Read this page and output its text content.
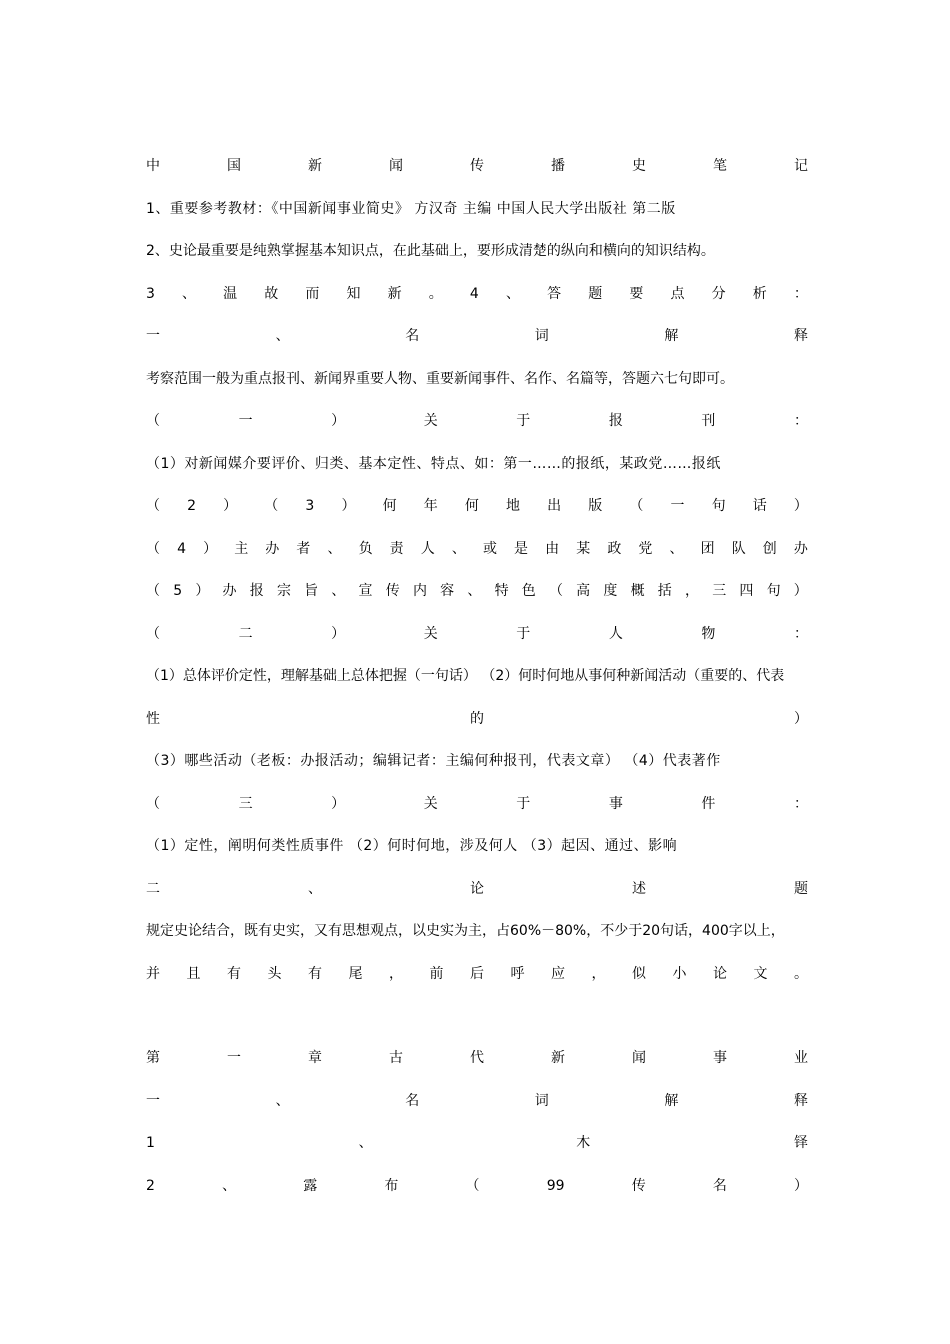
中	国	新	闻	传	播	史	笔	记
1、重要参考教材：《中国新闻事业简史》 方汉奇 主编 中国人民大学出版社 第二版
2、史论最重要是纯熟掌握基本知识点，在此基础上，要形成清楚的纵向和横向的知识结构。
3 、 温 故 而 知 新 。 4 、 答 题 要 点 分 析 ：
一	、	名	词	解	释
考察范围一般为重点报刊、新闻界重要人物、重要新闻事件、名作、名篇等，答题六七句即可。
（	一	）	关	于	报	刊	：
（1）对新闻媒介要评价、归类、基本定性、特点、如：第一……的报纸，某政党……报纸
（ 2 ） （ 3 ） 何 年 何 地 出 版 （ 一 句 话 ）
（ 4 ） 主 办 者 、 负 责 人 、 或 是 由 某 政 党 、 团 队 创 办
（ 5 ） 办 报 宗 旨 、 宣 传 内 容 、 特 色 （ 高 度 概 括 ， 三 四 句 ）
（	二	）	关	于	人	物	：
（1）总体评价定性，理解基础上总体把握（一句话） （2）何时何地从事何种新闻活动（重要的、代表
性	的	）
（3）哪些活动（老板：办报活动；编辑记者：主编何种报刊，代表文章） （4）代表著作
（	三	）	关	于	事	件	：
（1）定性，阐明何类性质事件 （2）何时何地，涉及何人 （3）起因、通过、影响
二	、	论	述	题
规定史论结合，既有史实，又有思想观点，以史实为主，占60%－80%，不少于20句话，400字以上，
并 且 有 头 有 尾 ， 前 后 呼 应 ， 似 小 论 文 。
第	一	章	古	代	新	闻	事	业
一	、	名	词	解	释
1	、	木	铎
2	、	露	布	（	99	传	名	）
